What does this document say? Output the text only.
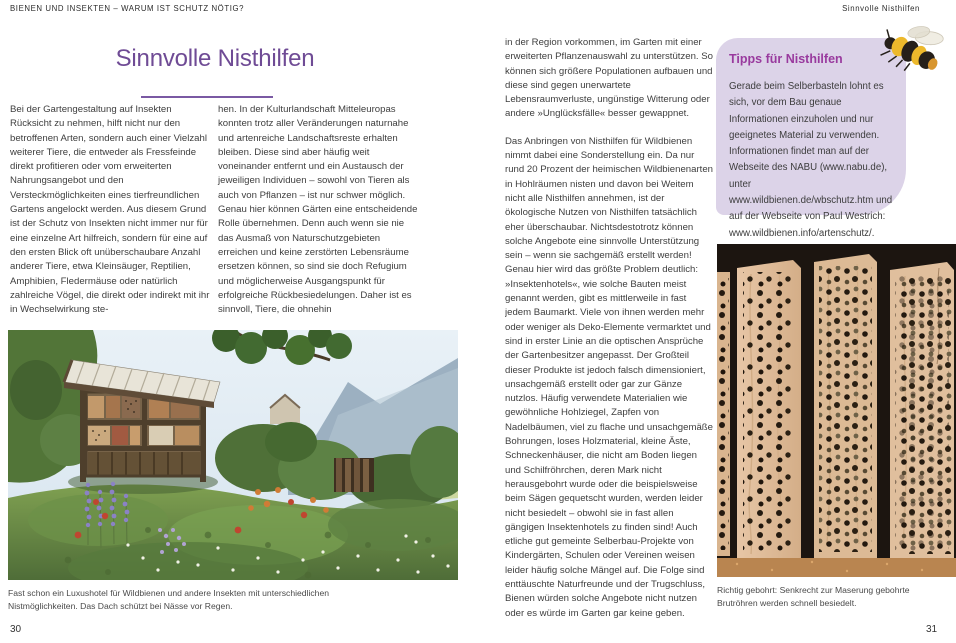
BIENEN UND INSEKTEN – WARUM IST SCHUTZ NÖTIG?	Sinnvolle Nisthilfen
Sinnvolle Nisthilfen

Bei der Gartengestaltung auf Insekten Rücksicht zu nehmen, hilft nicht nur den betroffenen Arten, sondern auch einer Vielzahl weiterer Tiere, die entweder als Fressfeinde direkt profitieren oder vom erweiterten Nahrungsangebot und den Versteckmöglichkeiten eines tierfreundlichen Gartens angelockt werden. Aus diesem Grund ist der Schutz von Insekten nicht immer nur für eine einzelne Art hilfreich, sondern für eine auf den ersten Blick oft unüberschaubare Anzahl anderer Tiere, etwa Kleinsäuger, Reptilien, Amphibien, Fledermäuse oder natürlich zahlreiche Vögel, die direkt oder indirekt mit ihr in Wechselwirkung ste-

hen. In der Kulturlandschaft Mitteleuropas konnten trotz aller Veränderungen naturnahe und artenreiche Landschaftsreste erhalten bleiben. Diese sind aber häufig weit voneinander entfernt und ein Austausch der jeweiligen Individuen – sowohl von Tieren als auch von Pflanzen – ist nur schwer möglich. Genau hier können Gärten eine entscheidende Rolle übernehmen. Denn auch wenn sie nie das Ausmaß von Naturschutzgebieten erreichen und keine zerstörten Lebensräume ersetzen können, so sind sie doch Refugium und möglicherweise Ausgangspunkt für erfolgreiche Rückbesiedelungen. Daher ist es sinnvoll, Tiere, die ohnehin

Fast schon ein Luxushotel für Wildbienen und andere Insekten mit unterschiedlichen Nistmöglichkeiten. Das Dach schützt bei Nässe vor Regen.

30

in der Region vorkommen, im Garten mit einer erweiterten Pflanzenauswahl zu unterstützen. So können sich größere Populationen aufbauen und diese sind gegen unerwartete Lebensraumverluste, ungünstige Witterung oder andere »Unglücksfälle« besser gewappnet.

Das Anbringen von Nisthilfen für Wildbienen nimmt dabei eine Sonderstellung ein. Da nur rund 20 Prozent der heimischen Wildbienenarten in Hohlräumen nisten und davon bei Weitem nicht alle Nisthilfen annehmen, ist der ökologische Nutzen von Nisthilfen tatsächlich eher überschaubar. Nichtsdestotrotz können solche Angebote eine sinnvolle Unterstützung sein – wenn sie sachgemäß erstellt werden! Genau hier wird das größte Problem deutlich: »Insektenhotels«, wie solche Bauten meist genannt werden, gibt es mittlerweile in fast jedem Baumarkt. Viele von ihnen werden mehr oder weniger als Deko-Elemente vermarktet und sind in erster Linie an die optischen Ansprüche der Gartenbesitzer angepasst. Der Großteil dieser Produkte ist jedoch falsch dimensioniert, unsachgemäß erstellt oder gar zur Gänze nutzlos. Häufig verwendete Materialien wie gewöhnliche Hohlziegel, Zapfen von Nadelbäumen, viel zu flache und unsachgemäße Bohrungen, loses Holzmaterial, kleine Äste, Schneckenhäuser, die nicht am Boden liegen und Schilfröhrchen, deren Mark nicht herausgebohrt wurde oder die beispielsweise beim Sägen gequetscht wurden, werden leider nicht besiedelt – obwohl sie in fast allen gängigen Insektenhotels zu finden sind! Auch etliche gut gemeinte Selberbau-Projekte von Kindergärten, Schulen oder Vereinen weisen leider häufig solche Mängel auf. Die Folge sind enttäuschte Naturfreunde und der Trugschluss, Bienen würden solche Angebote nicht nutzen oder es würde im Garten gar keine geben.

Tipps für Nisthilfen

Gerade beim Selberbasteln lohnt es sich, vor dem Bau genaue Informationen einzuholen und nur geeignetes Material zu verwenden. Informationen findet man auf der Webseite des NABU (www.nabu.de), unter www.wildbienen.de/wbschutz.htm und auf der Webseite von Paul Westrich: www.wildbienen.info/artenschutz/.

Richtig gebohrt: Senkrecht zur Maserung gebohrte Brutröhren werden schnell besiedelt.

31
